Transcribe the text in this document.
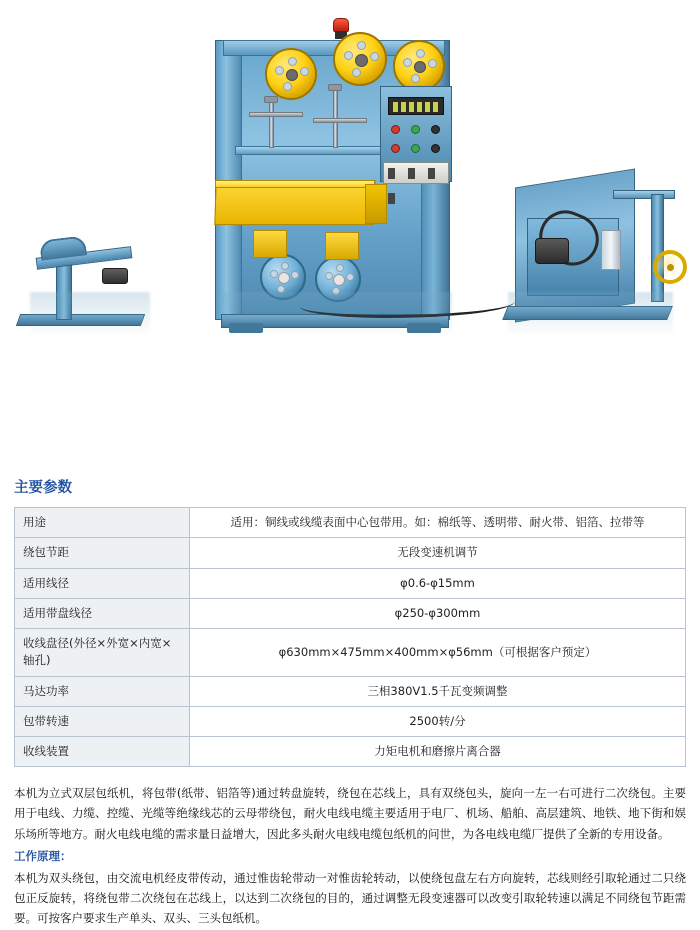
主要参数
用途	适用：铜线或线缆表面中心包带用。如：棉纸等、透明带、耐火带、铝箔、拉带等
绕包节距	无段变速机调节
适用线径	φ0.6-φ15mm
适用带盘线径	φ250-φ300mm
收线盘径(外径×外宽×内宽×轴孔)	φ630mm×475mm×400mm×φ56mm（可根据客户预定）
马达功率	三相380V1.5千瓦变频调整
包带转速	2500转/分
收线装置	力矩电机和磨擦片离合器

本机为立式双层包纸机，将包带(纸带、铝箔等)通过转盘旋转，绕包在芯线上，具有双绕包头，旋向一左一右可进行二次绕包。主要用于电线、力缆、控缆、光缆等绝缘线芯的云母带绕包，耐火电线电缆主要适用于电厂、机场、船舶、高层建筑、地铁、地下街和娱乐场所等地方。耐火电线电缆的需求量日益增大，因此多头耐火电线电缆包纸机的问世，为各电线电缆厂提供了全新的专用设备。

工作原理：

本机为双头绕包，由交流电机经皮带传动，通过惟齿轮带动一对惟齿轮转动，以使绕包盘左右方向旋转，芯线则经引取轮通过二只绕包正反旋转，将绕包带二次绕包在芯线上，以达到二次绕包的目的，通过调整无段变速器可以改变引取轮转速以满足不同绕包节距需要。可按客户要求生产单头、双头、三头包纸机。
